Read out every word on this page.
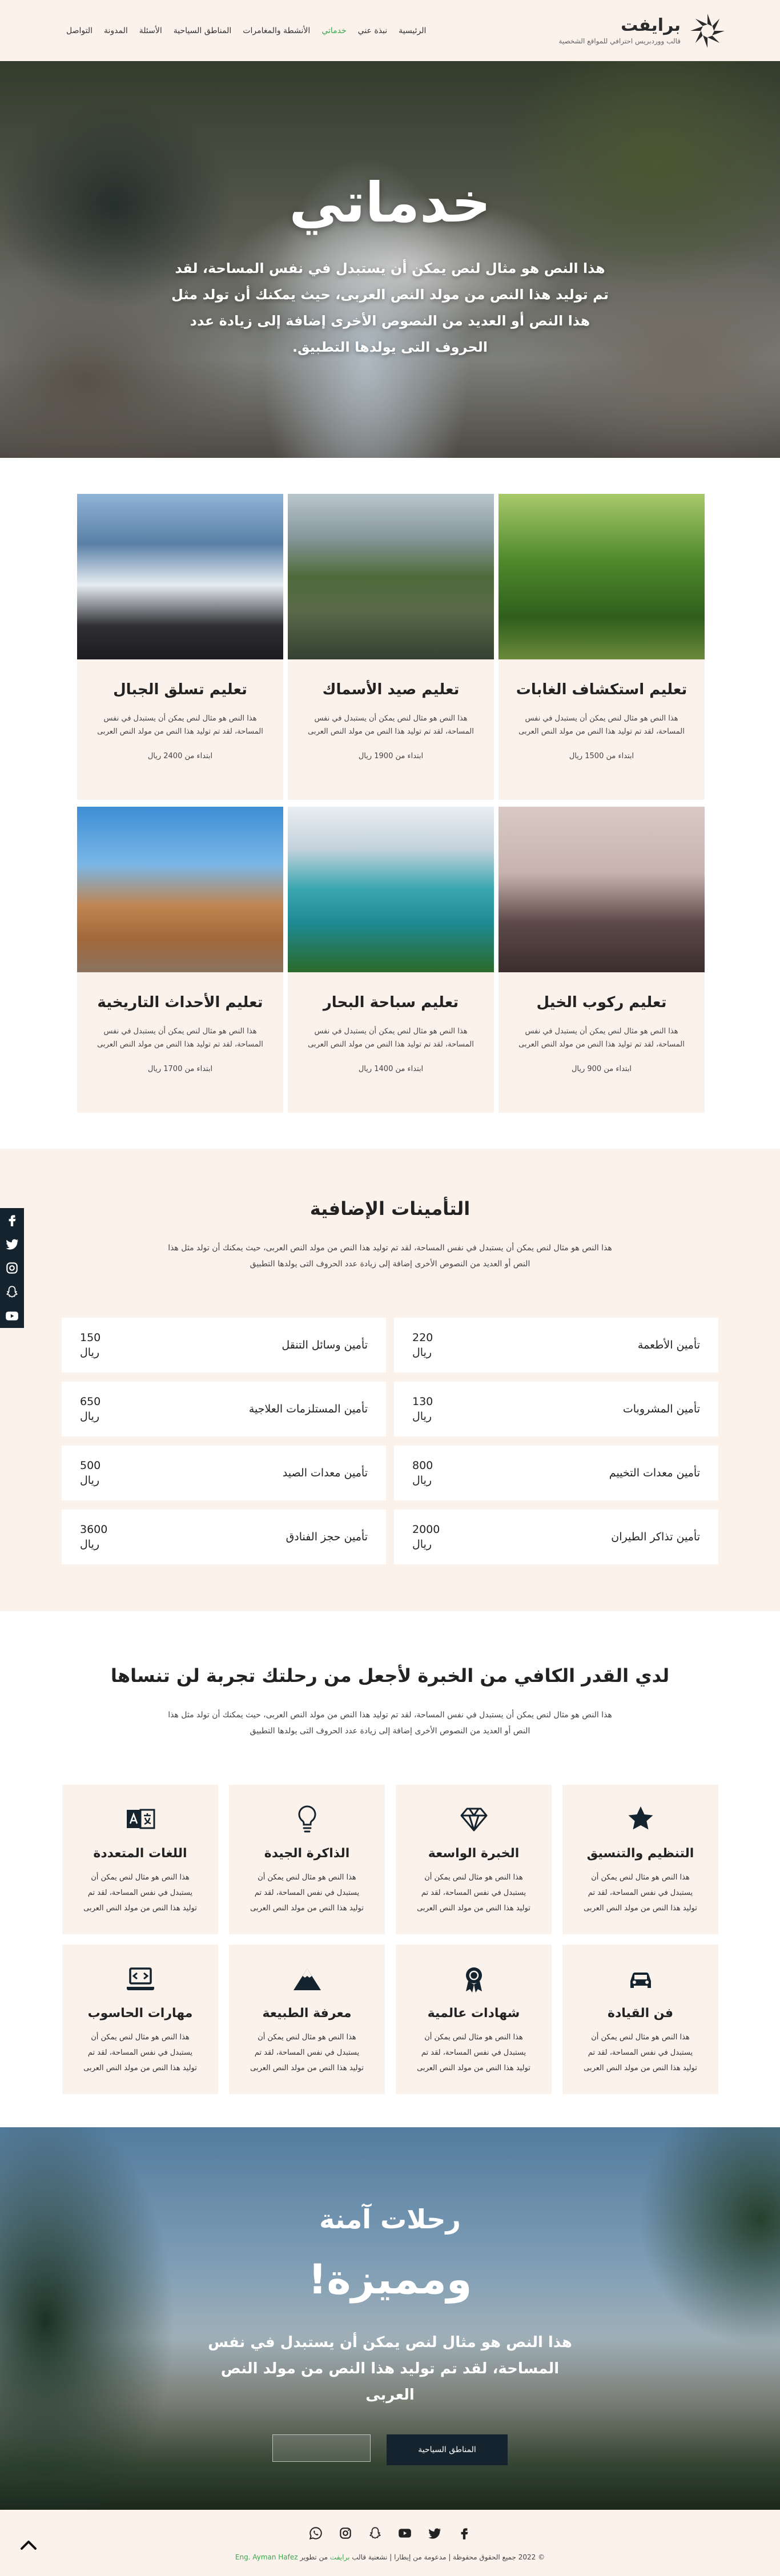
برايفت
قالب ووردبريس احترافي للمواقع الشخصية
الرئيسية
نبذة عني
خدماتي
الأنشطة والمغامرات
المناطق السياحية
الأسئلة
المدونة
التواصل
خدماتي

هذا النص هو مثال لنص يمكن أن يستبدل في نفس المساحة، لقد تم توليد هذا النص من مولد النص العربى، حيث يمكنك أن تولد مثل هذا النص أو العديد من النصوص الأخرى إضافة إلى زيادة عدد الحروف التى يولدها التطبيق.

تعليم استكشاف الغابات

هذا النص هو مثال لنص يمكن أن يستبدل في نفس المساحة، لقد تم توليد هذا النص من مولد النص العربى

ابتداء من 1500 ريال

تعليم صيد الأسماك

هذا النص هو مثال لنص يمكن أن يستبدل في نفس المساحة، لقد تم توليد هذا النص من مولد النص العربى

ابتداء من 1900 ريال

تعليم تسلق الجبال

هذا النص هو مثال لنص يمكن أن يستبدل في نفس المساحة، لقد تم توليد هذا النص من مولد النص العربى

ابتداء من 2400 ريال

تعليم ركوب الخيل

هذا النص هو مثال لنص يمكن أن يستبدل في نفس المساحة، لقد تم توليد هذا النص من مولد النص العربى

ابتداء من 900 ريال

تعليم سباحة البحار

هذا النص هو مثال لنص يمكن أن يستبدل في نفس المساحة، لقد تم توليد هذا النص من مولد النص العربى

ابتداء من 1400 ريال

تعليم الأحداث التاريخية

هذا النص هو مثال لنص يمكن أن يستبدل في نفس المساحة، لقد تم توليد هذا النص من مولد النص العربى

ابتداء من 1700 ريال

التأمينات الإضافية

هذا النص هو مثال لنص يمكن أن يستبدل في نفس المساحة، لقد تم توليد هذا النص من مولد النص العربى، حيث يمكنك أن تولد مثل هذا النص أو العديد من النصوص الأخرى إضافة إلى زيادة عدد الحروف التى يولدها التطبيق

تأمين الأطعمة
220
ريال
تأمين وسائل التنقل
150
ريال
تأمين المشروبات
130
ريال
تأمين المستلزمات العلاجية
650
ريال
تأمين معدات التخييم
800
ريال
تأمين معدات الصيد
500
ريال
تأمين تذاكر الطيران
2000
ريال
تأمين حجز الفنادق
3600
ريال
لدي القدر الكافي من الخبرة لأجعل من رحلتك تجربة لن تنساها

هذا النص هو مثال لنص يمكن أن يستبدل في نفس المساحة، لقد تم توليد هذا النص من مولد النص العربى، حيث يمكنك أن تولد مثل هذا النص أو العديد من النصوص الأخرى إضافة إلى زيادة عدد الحروف التى يولدها التطبيق

التنظيم والتنسيق

هذا النص هو مثال لنص يمكن أن يستبدل في نفس المساحة، لقد تم توليد هذا النص من مولد النص العربى

الخبرة الواسعة

هذا النص هو مثال لنص يمكن أن يستبدل في نفس المساحة، لقد تم توليد هذا النص من مولد النص العربى

الذاكرة الجيدة

هذا النص هو مثال لنص يمكن أن يستبدل في نفس المساحة، لقد تم توليد هذا النص من مولد النص العربى

اللغات المتعددة

هذا النص هو مثال لنص يمكن أن يستبدل في نفس المساحة، لقد تم توليد هذا النص من مولد النص العربى

فن القيادة

هذا النص هو مثال لنص يمكن أن يستبدل في نفس المساحة، لقد تم توليد هذا النص من مولد النص العربى

شهادات عالمية

هذا النص هو مثال لنص يمكن أن يستبدل في نفس المساحة، لقد تم توليد هذا النص من مولد النص العربى

معرفة الطبيعة

هذا النص هو مثال لنص يمكن أن يستبدل في نفس المساحة، لقد تم توليد هذا النص من مولد النص العربى

مهارات الحاسوب

هذا النص هو مثال لنص يمكن أن يستبدل في نفس المساحة، لقد تم توليد هذا النص من مولد النص العربى

رحلات آمنة
ومميزة!

هذا النص هو مثال لنص يمكن أن يستبدل في نفس المساحة، لقد تم توليد هذا النص من مولد النص العربى

المناطق السياحية
© 2022 جميع الحقوق محفوظة | مدعومة من إيطارا | نشعنية قالب برايفت من تطوير Eng. Ayman Hafez
